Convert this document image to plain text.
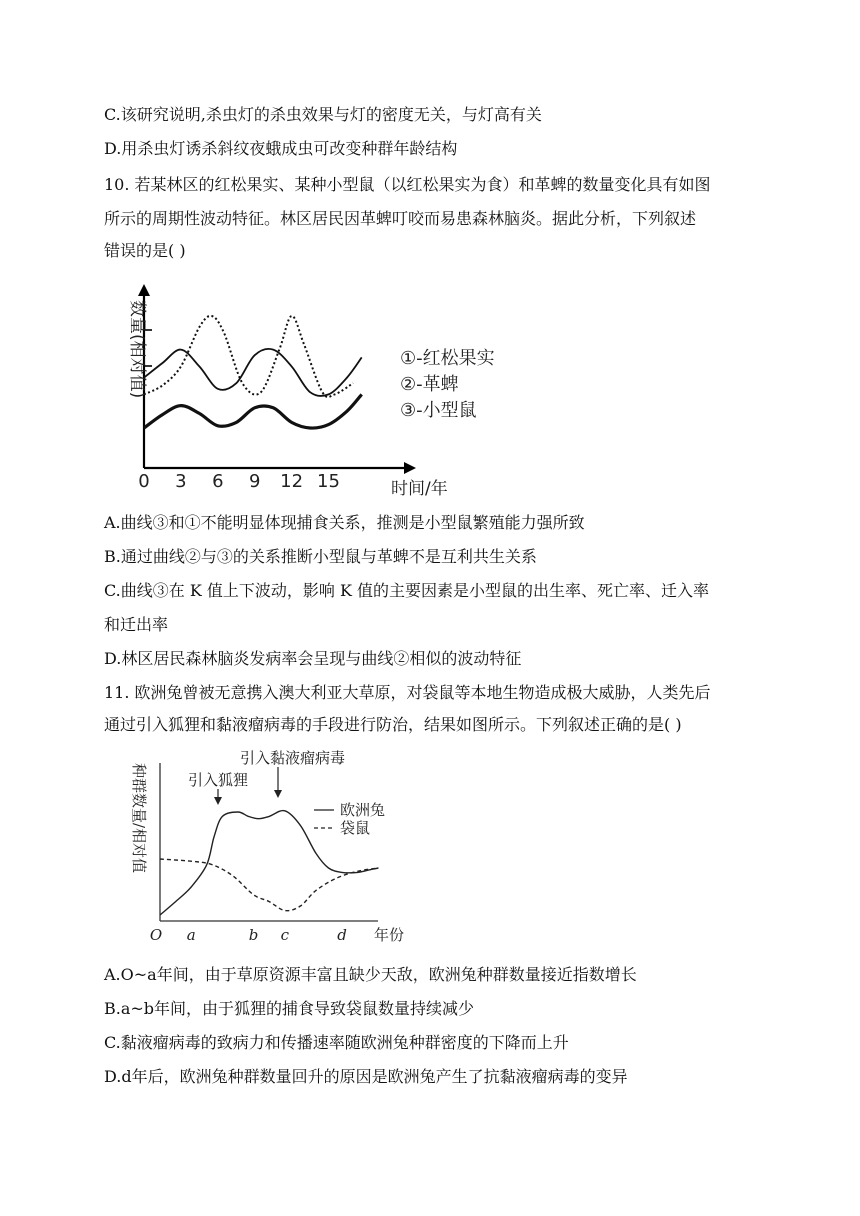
C.该研究说明,杀虫灯的杀虫效果与灯的密度无关，与灯高有关
D.用杀虫灯诱杀斜纹夜蛾成虫可改变种群年龄结构
10. 若某林区的红松果实、某种小型鼠（以红松果实为食）和革蜱的数量变化具有如图
所示的周期性波动特征。林区居民因革蜱叮咬而易患森林脑炎。据此分析，下列叙述
错误的是( )
数量(相对值)
0 3 6 9 12 15	时间/年
①-红松果实
②-革蜱
③-小型鼠
A.曲线③和①不能明显体现捕食关系，推测是小型鼠繁殖能力强所致
B.通过曲线②与③的关系推断小型鼠与革蜱不是互利共生关系
C.曲线③在 K 值上下波动，影响 K 值的主要因素是小型鼠的出生率、死亡率、迁入率
和迁出率
D.林区居民森林脑炎发病率会呈现与曲线②相似的波动特征
11. 欧洲兔曾被无意携入澳大利亚大草原，对袋鼠等本地生物造成极大威胁，人类先后
通过引入狐狸和黏液瘤病毒的手段进行防治，结果如图所示。下列叙述正确的是( )
种群数量/相对值
O a	b c	d 年份
欧洲兔
袋鼠
引入狐狸
引入黏液瘤病毒
A.O~a年间，由于草原资源丰富且缺少天敌，欧洲兔种群数量接近指数增长
B.a~b年间，由于狐狸的捕食导致袋鼠数量持续减少
C.黏液瘤病毒的致病力和传播速率随欧洲兔种群密度的下降而上升
D.d年后，欧洲兔种群数量回升的原因是欧洲兔产生了抗黏液瘤病毒的变异
